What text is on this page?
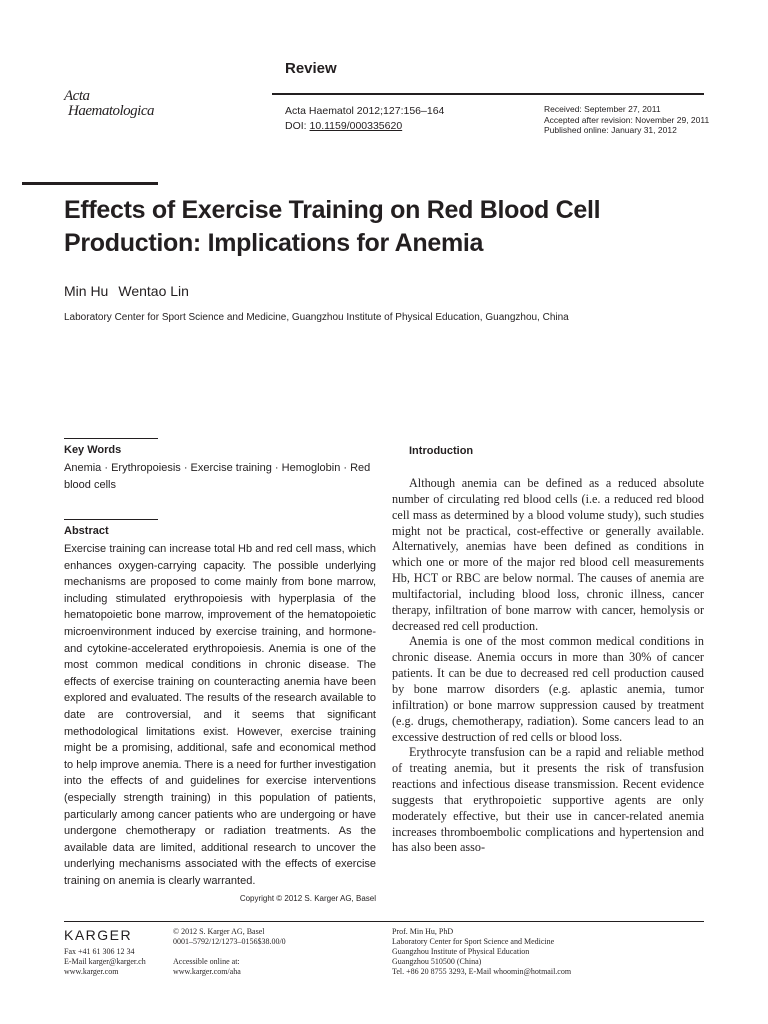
Review
Acta
Haematologica	Acta Haematol 2012;127:156–164
DOI: 10.1159/000335620
Received: September 27, 2011
Accepted after revision: November 29, 2011
Published online: January 31, 2012
Effects of Exercise Training on Red Blood Cell Production: Implications for Anemia
Min Hu Wentao Lin
Laboratory Center for Sport Science and Medicine, Guangzhou Institute of Physical Education, Guangzhou, China
Key Words
Anemia · Erythropoiesis · Exercise training · Hemoglobin · Red blood cells
Abstract
Exercise training can increase total Hb and red cell mass, which enhances oxygen-carrying capacity. The possible underlying mechanisms are proposed to come mainly from bone marrow, including stimulated erythropoiesis with hyperplasia of the hematopoietic bone marrow, improvement of the hematopoietic microenvironment induced by exercise training, and hormone- and cytokine-accelerated erythropoiesis. Anemia is one of the most common medical conditions in chronic disease. The effects of exercise training on counteracting anemia have been explored and evaluated. The results of the research available to date are controversial, and it seems that significant methodological limitations exist. However, exercise training might be a promising, additional, safe and economical method to help improve anemia. There is a need for further investigation into the effects of and guidelines for exercise interventions (especially strength training) in this population of patients, particularly among cancer patients who are undergoing or have undergone chemotherapy or radiation treatments. As the available data are limited, additional research to uncover the underlying mechanisms associated with the effects of exercise training on anemia is clearly warranted.
Copyright © 2012 S. Karger AG, Basel
Introduction

Although anemia can be defined as a reduced absolute number of circulating red blood cells (i.e. a reduced red blood cell mass as determined by a blood volume study), such studies might not be practical, cost-effective or generally available. Alternatively, anemias have been defined as conditions in which one or more of the major red blood cell measurements Hb, HCT or RBC are below normal. The causes of anemia are multifactorial, including blood loss, chronic illness, cancer therapy, infiltration of bone marrow with cancer, hemolysis or decreased red cell production.

Anemia is one of the most common medical conditions in chronic disease. Anemia occurs in more than 30% of cancer patients. It can be due to decreased red cell production caused by bone marrow disorders (e.g. aplastic anemia, tumor infiltration) or bone marrow suppression caused by treatment (e.g. drugs, chemotherapy, radiation). Some cancers lead to an excessive destruction of red cells or blood loss.

Erythrocyte transfusion can be a rapid and reliable method of treating anemia, but it presents the risk of transfusion reactions and infectious disease transmission. Recent evidence suggests that erythropoietic supportive agents are only moderately effective, but their use in cancer-related anemia increases thromboembolic complications and hypertension and has also been asso-

KARGER
Fax +41 61 306 12 34
E-Mail karger@karger.ch
www.karger.com
© 2012 S. Karger AG, Basel
0001–5792/12/1273–0156$38.00/0
Accessible online at:
www.karger.com/aha
Prof. Min Hu, PhD
Laboratory Center for Sport Science and Medicine
Guangzhou Institute of Physical Education
Guangzhou 510500 (China)
Tel. +86 20 8755 3293, E-Mail whoomin@hotmail.com
